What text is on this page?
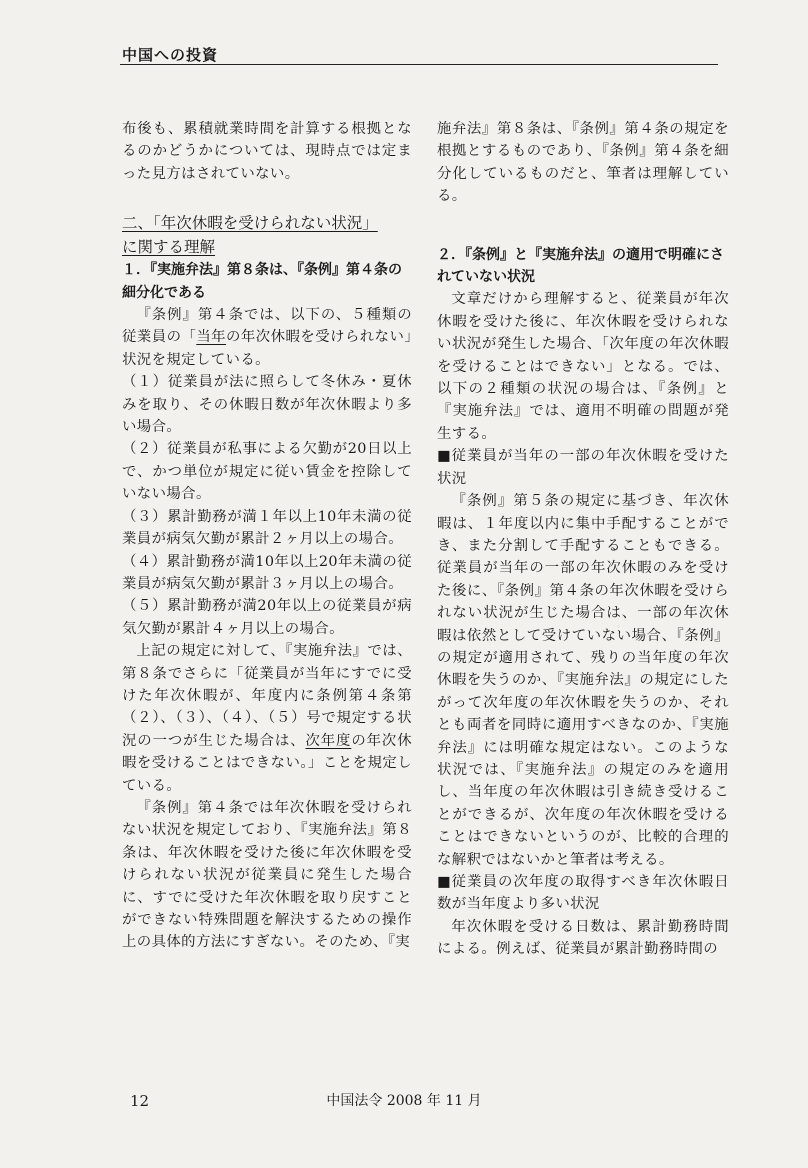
中国への投資

布後も、累積就業時間を計算する根拠となるのかどうかについては、現時点では定まった見方はされていない。

二、「年次休暇を受けられない状況」
に関する理解

１．『実施弁法』第８条は、『条例』第４条の細分化である

『条例』第４条では、以下の、５種類の従業員の「当年の年次休暇を受けられない」状況を規定している。

（１）従業員が法に照らして冬休み・夏休みを取り、その休暇日数が年次休暇より多い場合。

（２）従業員が私事による欠勤が20日以上で、かつ単位が規定に従い賃金を控除していない場合。

（３）累計勤務が満１年以上10年未満の従業員が病気欠勤が累計２ヶ月以上の場合。

（４）累計勤務が満10年以上20年未満の従業員が病気欠勤が累計３ヶ月以上の場合。

（５）累計勤務が満20年以上の従業員が病気欠勤が累計４ヶ月以上の場合。

上記の規定に対して、『実施弁法』では、第８条でさらに「従業員が当年にすでに受けた年次休暇が、年度内に条例第４条第（２）、（３）、（４）、（５）号で規定する状況の一つが生じた場合は、次年度の年次休暇を受けることはできない。」ことを規定している。

『条例』第４条では年次休暇を受けられない状況を規定しており、『実施弁法』第８条は、年次休暇を受けた後に年次休暇を受けられない状況が従業員に発生した場合に、すでに受けた年次休暇を取り戻すことができない特殊問題を解決するための操作上の具体的方法にすぎない。そのため、『実

施弁法』第８条は、『条例』第４条の規定を根拠とするものであり、『条例』第４条を細分化しているものだと、筆者は理解している。

２．『条例』と『実施弁法』の適用で明確にされていない状況

文章だけから理解すると、従業員が年次休暇を受けた後に、年次休暇を受けられない状況が発生した場合、「次年度の年次休暇を受けることはできない」となる。では、以下の２種類の状況の場合は、『条例』と『実施弁法』では、適用不明確の問題が発生する。

■従業員が当年の一部の年次休暇を受けた状況

『条例』第５条の規定に基づき、年次休暇は、１年度以内に集中手配することができ、また分割して手配することもできる。従業員が当年の一部の年次休暇のみを受けた後に、『条例』第４条の年次休暇を受けられない状況が生じた場合は、一部の年次休暇は依然として受けていない場合、『条例』の規定が適用されて、残りの当年度の年次休暇を失うのか、『実施弁法』の規定にしたがって次年度の年次休暇を失うのか、それとも両者を同時に適用すべきなのか、『実施弁法』には明確な規定はない。このような状況では、『実施弁法』の規定のみを適用し、当年度の年次休暇は引き続き受けることができるが、次年度の年次休暇を受けることはできないというのが、比較的合理的な解釈ではないかと筆者は考える。

■従業員の次年度の取得すべき年次休暇日数が当年度より多い状況

年次休暇を受ける日数は、累計勤務時間による。例えば、従業員が累計勤務時間の

12	中国法令 2008 年 11 月
